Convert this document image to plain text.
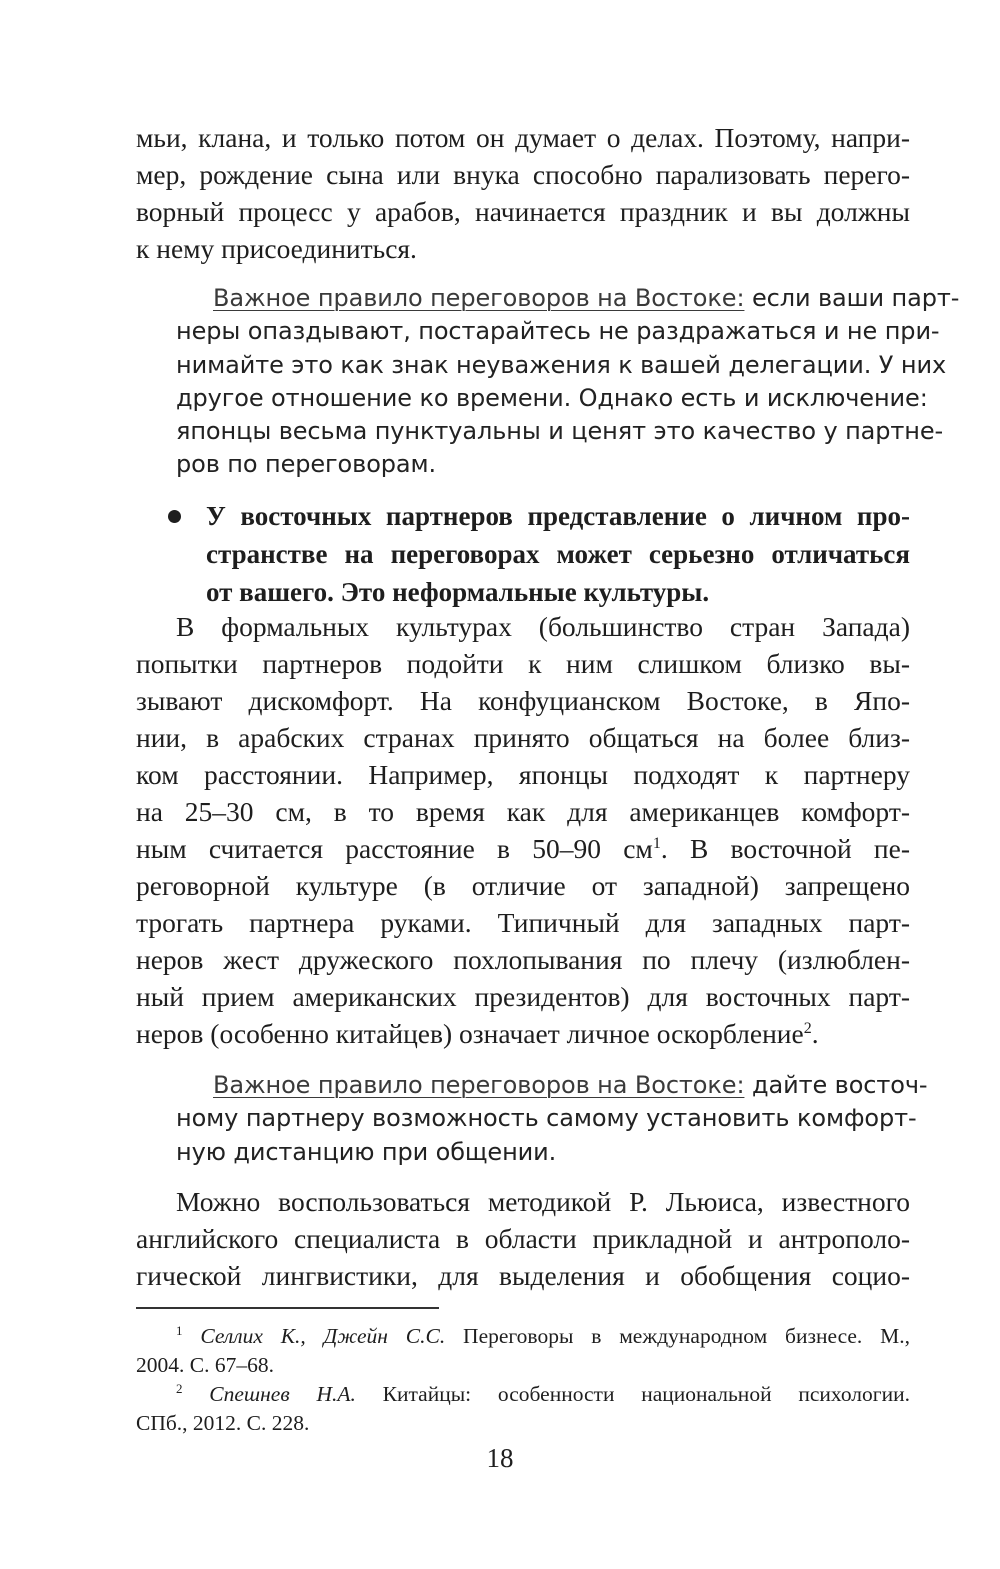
мьи, клана, и только потом он думает о делах. Поэтому, напри-
мер, рождение сына или внука способно парализовать перего-
ворный процесс у арабов, начинается праздник и вы должны
к нему присоединиться.
Важное правило переговоров на Востоке: если ваши парт-
неры опаздывают, постарайтесь не раздражаться и не при-
нимайте это как знак неуважения к вашей делегации. У них
другое отношение ко времени. Однако есть и исключение:
японцы весьма пунктуальны и ценят это качество у партне-
ров по переговорам.
У восточных партнеров представление о личном про-
странстве на переговорах может серьезно отличаться
от вашего. Это неформальные культуры.
В формальных культурах (большинство стран Запада)
попытки партнеров подойти к ним слишком близко вы-
зывают дискомфорт. На конфуцианском Востоке, в Япо-
нии, в арабских странах принято общаться на более близ-
ком расстоянии. Например, японцы подходят к партнеру
на 25–30 см, в то время как для американцев комфорт-
ным считается расстояние в 50–90 $см^1$. В восточной пе-
реговорной культуре (в отличие от западной) запрещено
трогать партнера руками. Типичный для западных парт-
неров жест дружеского похлопывания по плечу (излюблен-
ный прием американских президентов) для восточных парт-
неров (особенно китайцев) означает личное оскорбление$^2$.
Важное правило переговоров на Востоке: дайте восточ-
ному партнеру возможность самому установить комфорт-
ную дистанцию при общении.
Можно воспользоваться методикой Р. Льюиса, известного
английского специалиста в области прикладной и антрополо-
гической лингвистики, для выделения и обобщения социо-
$^1$ Селлих К., Джейн С.С. Переговоры в международном бизнесе. М.,
2004. С. 67–68.
$^2$ Спешнев Н.А. Китайцы: особенности национальной психологии.
СПб., 2012. С. 228.
18
